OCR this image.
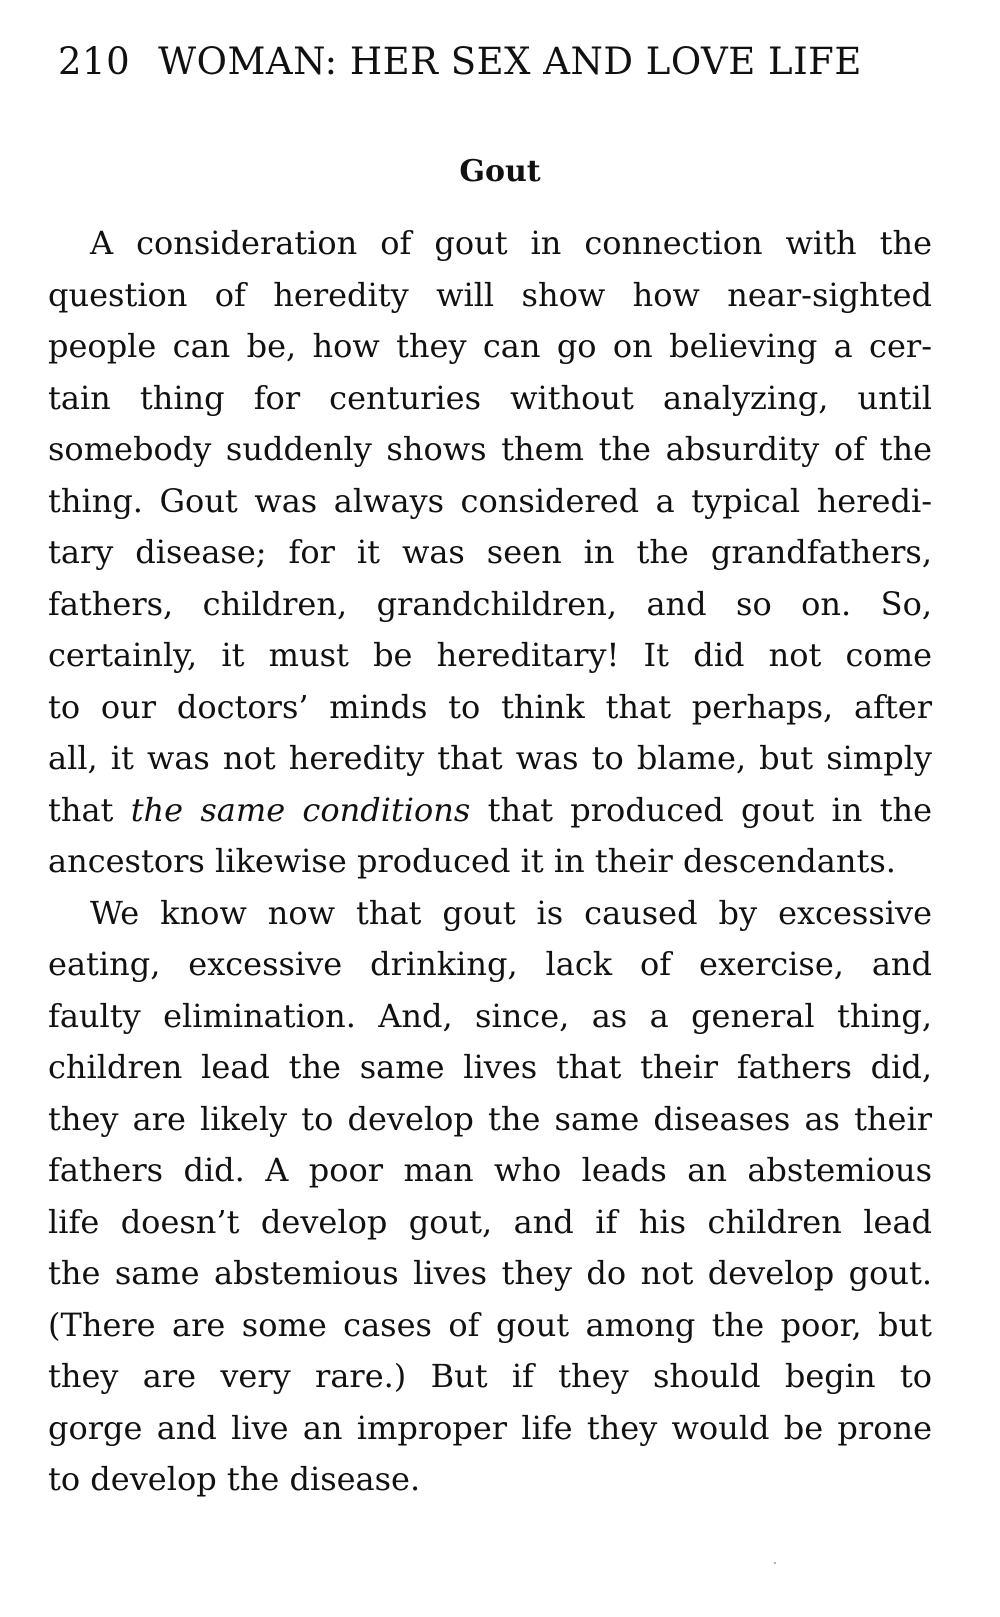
210 WOMAN: HER SEX AND LOVE LIFE
Gout
A consideration of gout in connection with the
question of heredity will show how near-sighted
people can be, how they can go on believing a cer-
tain thing for centuries without analyzing, until
somebody suddenly shows them the absurdity of the
thing. Gout was always considered a typical heredi-
tary disease; for it was seen in the grandfathers,
fathers, children, grandchildren, and so on. So,
certainly, it must be hereditary! It did not come
to our doctors’ minds to think that perhaps, after
all, it was not heredity that was to blame, but simply
that the same conditions that produced gout in the
ancestors likewise produced it in their descendants.
We know now that gout is caused by excessive
eating, excessive drinking, lack of exercise, and
faulty elimination. And, since, as a general thing,
children lead the same lives that their fathers did,
they are likely to develop the same diseases as their
fathers did. A poor man who leads an abstemious
life doesn’t develop gout, and if his children lead
the same abstemious lives they do not develop gout.
(There are some cases of gout among the poor, but
they are very rare.) But if they should begin to
gorge and live an improper life they would be prone
to develop the disease.
